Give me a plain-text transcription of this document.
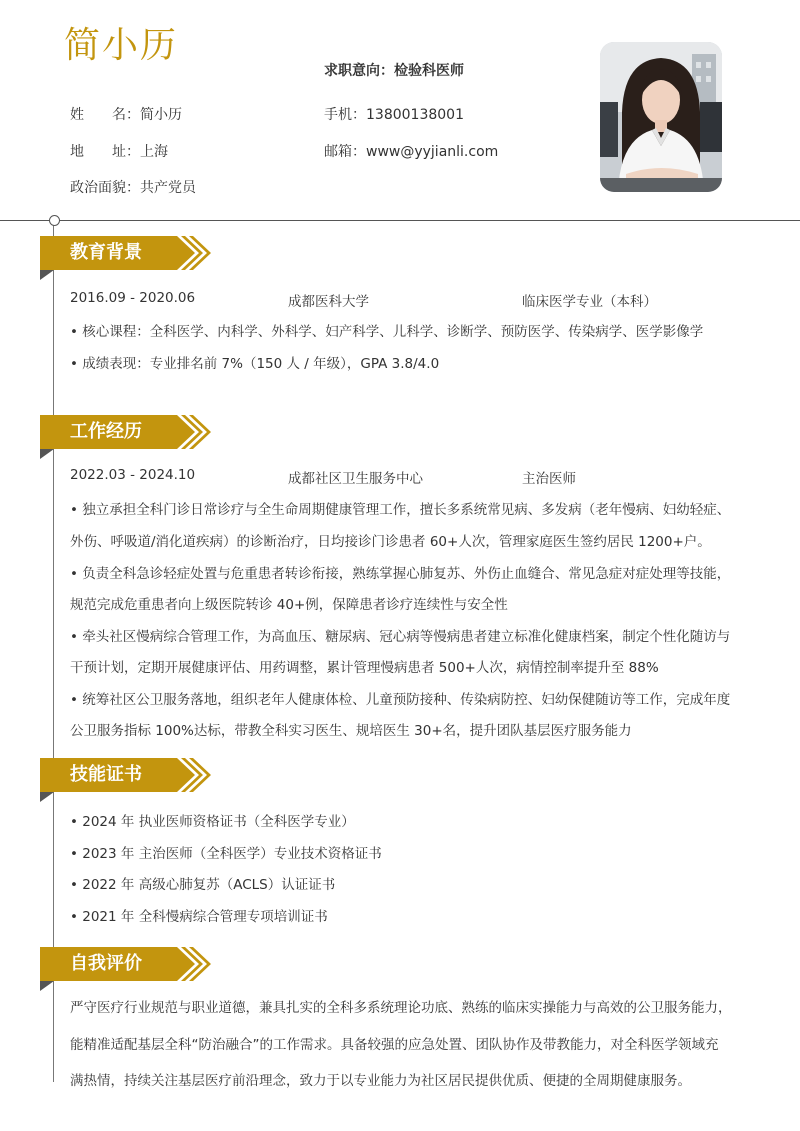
简小历
求职意向：检验科医师
姓　　名：简小历
地　　址：上海
政治面貌：共产党员
手机：13800138001
邮箱：www@yyjianli.com
教育背景
2016.09 - 2020.06	成都医科大学	临床医学专业（本科）
• 核心课程：全科医学、内科学、外科学、妇产科学、儿科学、诊断学、预防医学、传染病学、医学影像学
• 成绩表现：专业排名前 7%（150 人 / 年级），GPA 3.8/4.0
工作经历
2022.03 - 2024.10	成都社区卫生服务中心	主治医师
• 独立承担全科门诊日常诊疗与全生命周期健康管理工作，擅长多系统常见病、多发病（老年慢病、妇幼轻症、
外伤、呼吸道/消化道疾病）的诊断治疗，日均接诊门诊患者 60+人次，管理家庭医生签约居民 1200+户。
• 负责全科急诊轻症处置与危重患者转诊衔接，熟练掌握心肺复苏、外伤止血缝合、常见急症对症处理等技能，
规范完成危重患者向上级医院转诊 40+例，保障患者诊疗连续性与安全性
• 牵头社区慢病综合管理工作，为高血压、糖尿病、冠心病等慢病患者建立标准化健康档案，制定个性化随访与
干预计划，定期开展健康评估、用药调整，累计管理慢病患者 500+人次，病情控制率提升至 88%
• 统筹社区公卫服务落地，组织老年人健康体检、儿童预防接种、传染病防控、妇幼保健随访等工作，完成年度
公卫服务指标 100%达标，带教全科实习医生、规培医生 30+名，提升团队基层医疗服务能力
技能证书
• 2024 年 执业医师资格证书（全科医学专业）
• 2023 年 主治医师（全科医学）专业技术资格证书
• 2022 年 高级心肺复苏（ACLS）认证证书
• 2021 年 全科慢病综合管理专项培训证书
自我评价
严守医疗行业规范与职业道德，兼具扎实的全科多系统理论功底、熟练的临床实操能力与高效的公卫服务能力，
能精准适配基层全科“防治融合”的工作需求。具备较强的应急处置、团队协作及带教能力，对全科医学领域充
满热情，持续关注基层医疗前沿理念，致力于以专业能力为社区居民提供优质、便捷的全周期健康服务。
